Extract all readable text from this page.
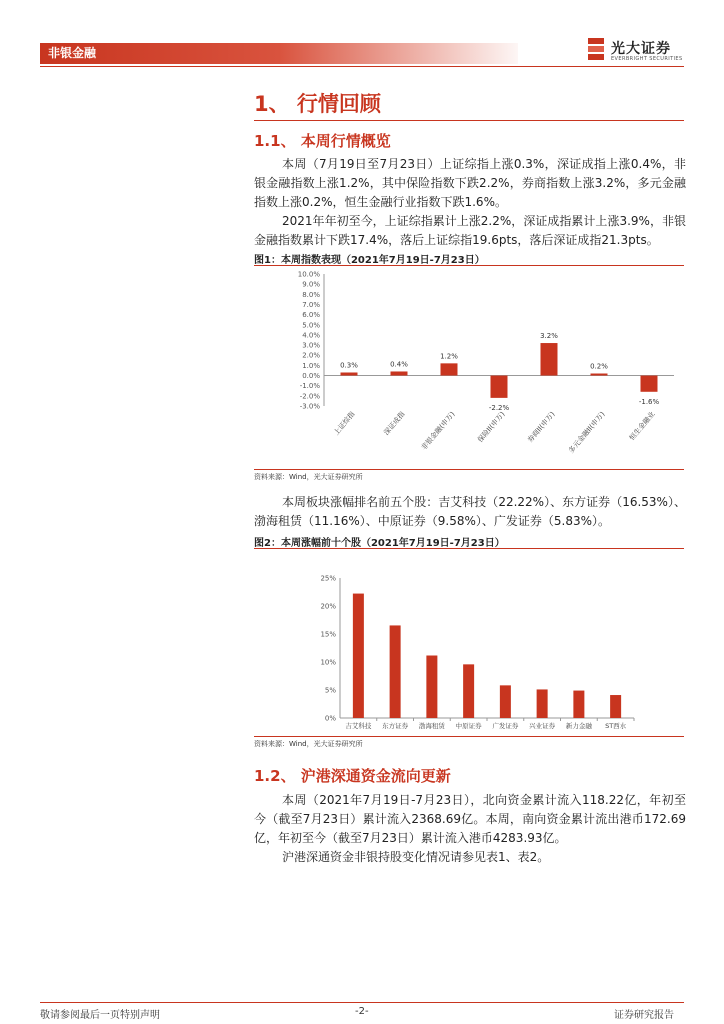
非银金融	光大证券
EVERBRIGHT SECURITIES
1、 行情回顾
1.1、 本周行情概览
本周（7月19日至7月23日）上证综指上涨0.3%，深证成指上涨0.4%，非银金融指数上涨1.2%，其中保险指数下跌2.2%，券商指数上涨3.2%，多元金融指数上涨0.2%，恒生金融行业指数下跌1.6%。
2021年年初至今，上证综指累计上涨2.2%，深证成指累计上涨3.9%，非银金融指数累计下跌17.4%，落后上证综指19.6pts，落后深证成指21.3pts。
图1：本周指数表现（2021年7月19日-7月23日）
10.0%
9.0%
8.0%
7.0%
6.0%
5.0%
4.0%
3.0%
2.0%
1.0%
0.0%
-1.0%
-2.0%
-3.0%
0.3%
上证综指
0.4%
深证成指
1.2%
非银金融(申万)
-2.2%
保险II(申万)
3.2%
券商II(申万)
0.2%
多元金融II(申万)
-1.6%
恒生金融业
资料来源：Wind，光大证券研究所
本周板块涨幅排名前五个股：吉艾科技（22.22%）、东方证券（16.53%）、渤海租赁（11.16%）、中原证券（9.58%）、广发证券（5.83%）。
图2：本周涨幅前十个股（2021年7月19日-7月23日）
25%
20%
15%
10%
5%
0%
吉艾科技 东方证券 渤海租赁 中原证券 广发证券 兴业证券 新力金融 ST西水
资料来源：Wind，光大证券研究所
1.2、 沪港深通资金流向更新
本周（2021年7月19日-7月23日），北向资金累计流入118.22亿，年初至今（截至7月23日）累计流入2368.69亿。本周，南向资金累计流出港币172.69亿，年初至今（截至7月23日）累计流入港币4283.93亿。
沪港深通资金非银持股变化情况请参见表1、表2。
敬请参阅最后一页特别声明	-2-	证券研究报告
